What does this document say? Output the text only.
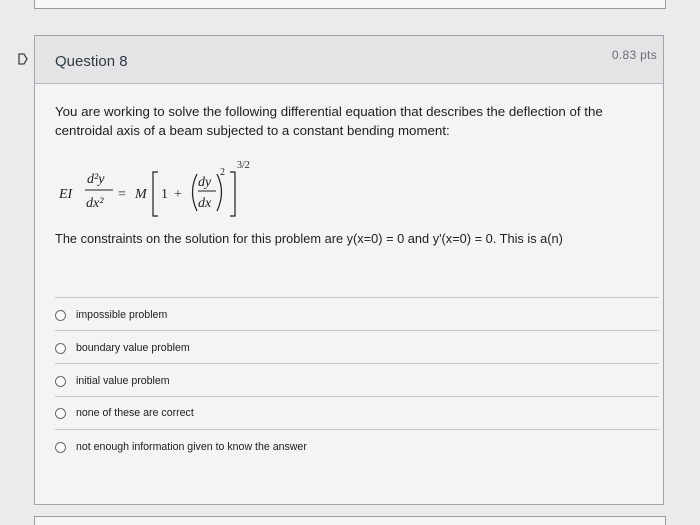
Question 8	0.83 pts
You are working to solve the following differential equation that describes the deflection of the centroidal axis of a beam subjected to a constant bending moment:
EI
d²y
dx²
= M 1 +
dy
dx
2
3/2
The constraints on the solution for this problem are y(x=0) = 0 and y'(x=0) = 0. This is a(n)
impossible problem
boundary value problem
initial value problem
none of these are correct
not enough information given to know the answer
